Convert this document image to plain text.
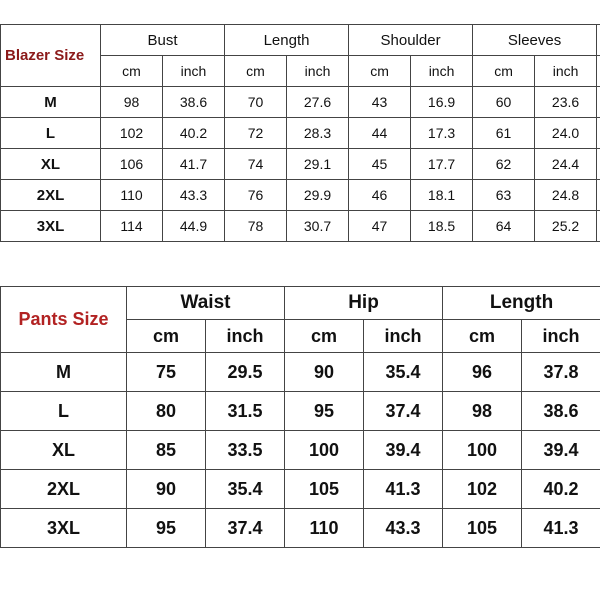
Blazer Size	Bust		Length		Shoulder		Sleeves		
	cm	inch	cm	inch	cm	inch	cm	inch	
M	98	38.6	70	27.6	43	16.9	60	23.6	
L	102	40.2	72	28.3	44	17.3	61	24.0	
XL	106	41.7	74	29.1	45	17.7	62	24.4	
2XL	110	43.3	76	29.9	46	18.1	63	24.8	
3XL	114	44.9	78	30.7	47	18.5	64	25.2	
Pants Size	Waist		Hip		Length		
	cm	inch	cm	inch	cm	inch	
M	75	29.5	90	35.4	96	37.8	
L	80	31.5	95	37.4	98	38.6	
XL	85	33.5	100	39.4	100	39.4	
2XL	90	35.4	105	41.3	102	40.2	
3XL	95	37.4	110	43.3	105	41.3	
